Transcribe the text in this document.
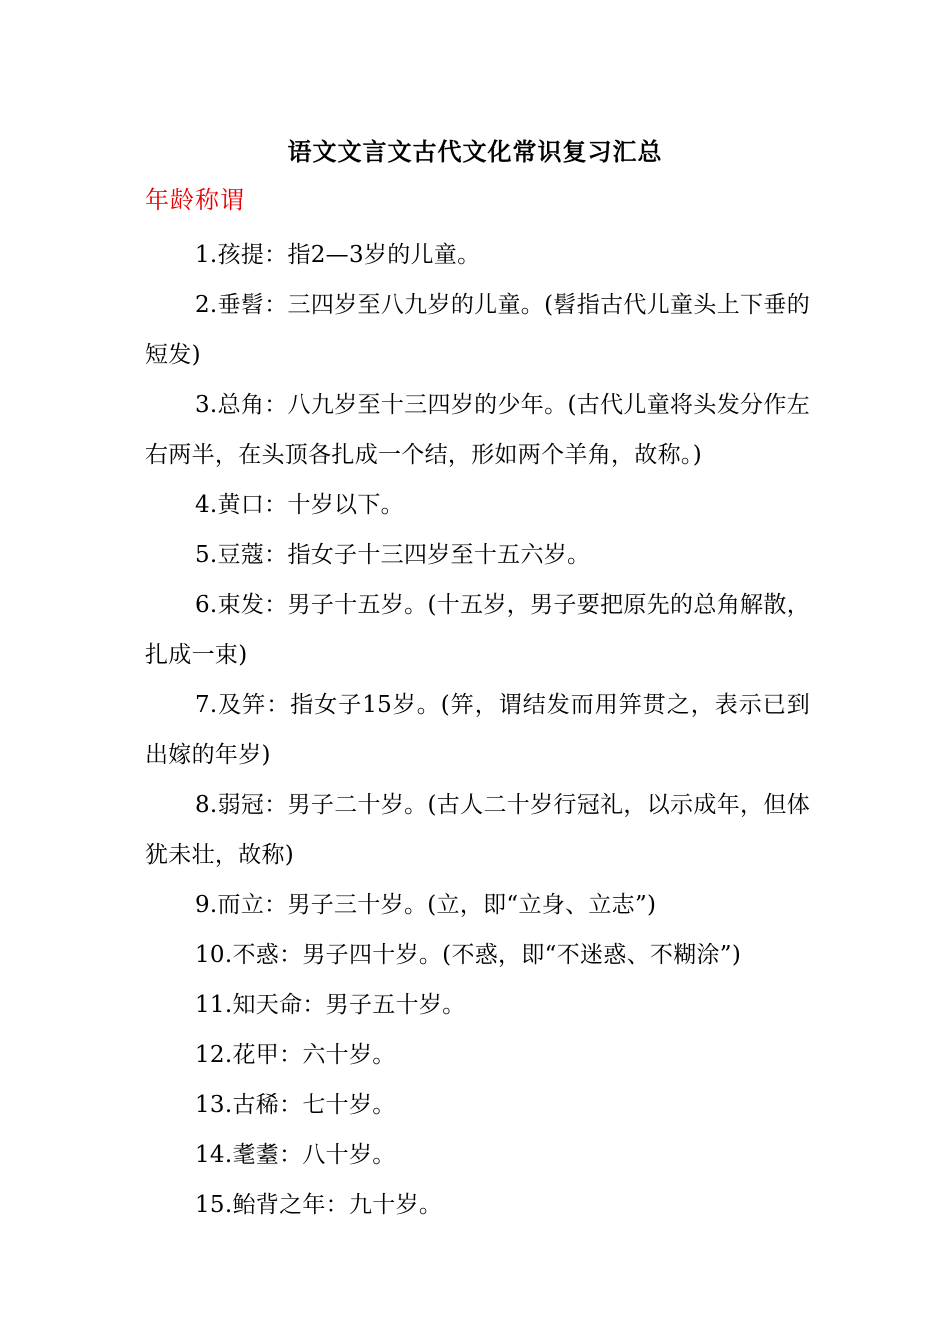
语文文言文古代文化常识复习汇总
年龄称谓

1.孩提：指2—3岁的儿童。

2.垂髫：三四岁至八九岁的儿童。(髫指古代儿童头上下垂的短发)

3.总角：八九岁至十三四岁的少年。(古代儿童将头发分作左右两半，在头顶各扎成一个结，形如两个羊角，故称。)

4.黄口：十岁以下。

5.豆蔻：指女子十三四岁至十五六岁。

6.束发：男子十五岁。(十五岁，男子要把原先的总角解散，扎成一束)

7.及笄：指女子15岁。(笄，谓结发而用笄贯之，表示已到出嫁的年岁)

8.弱冠：男子二十岁。(古人二十岁行冠礼，以示成年，但体犹未壮，故称)

9.而立：男子三十岁。(立，即“立身、立志”)

10.不惑：男子四十岁。(不惑，即“不迷惑、不糊涂”)

11.知天命：男子五十岁。

12.花甲：六十岁。

13.古稀：七十岁。

14.耄耋：八十岁。

15.鲐背之年：九十岁。
